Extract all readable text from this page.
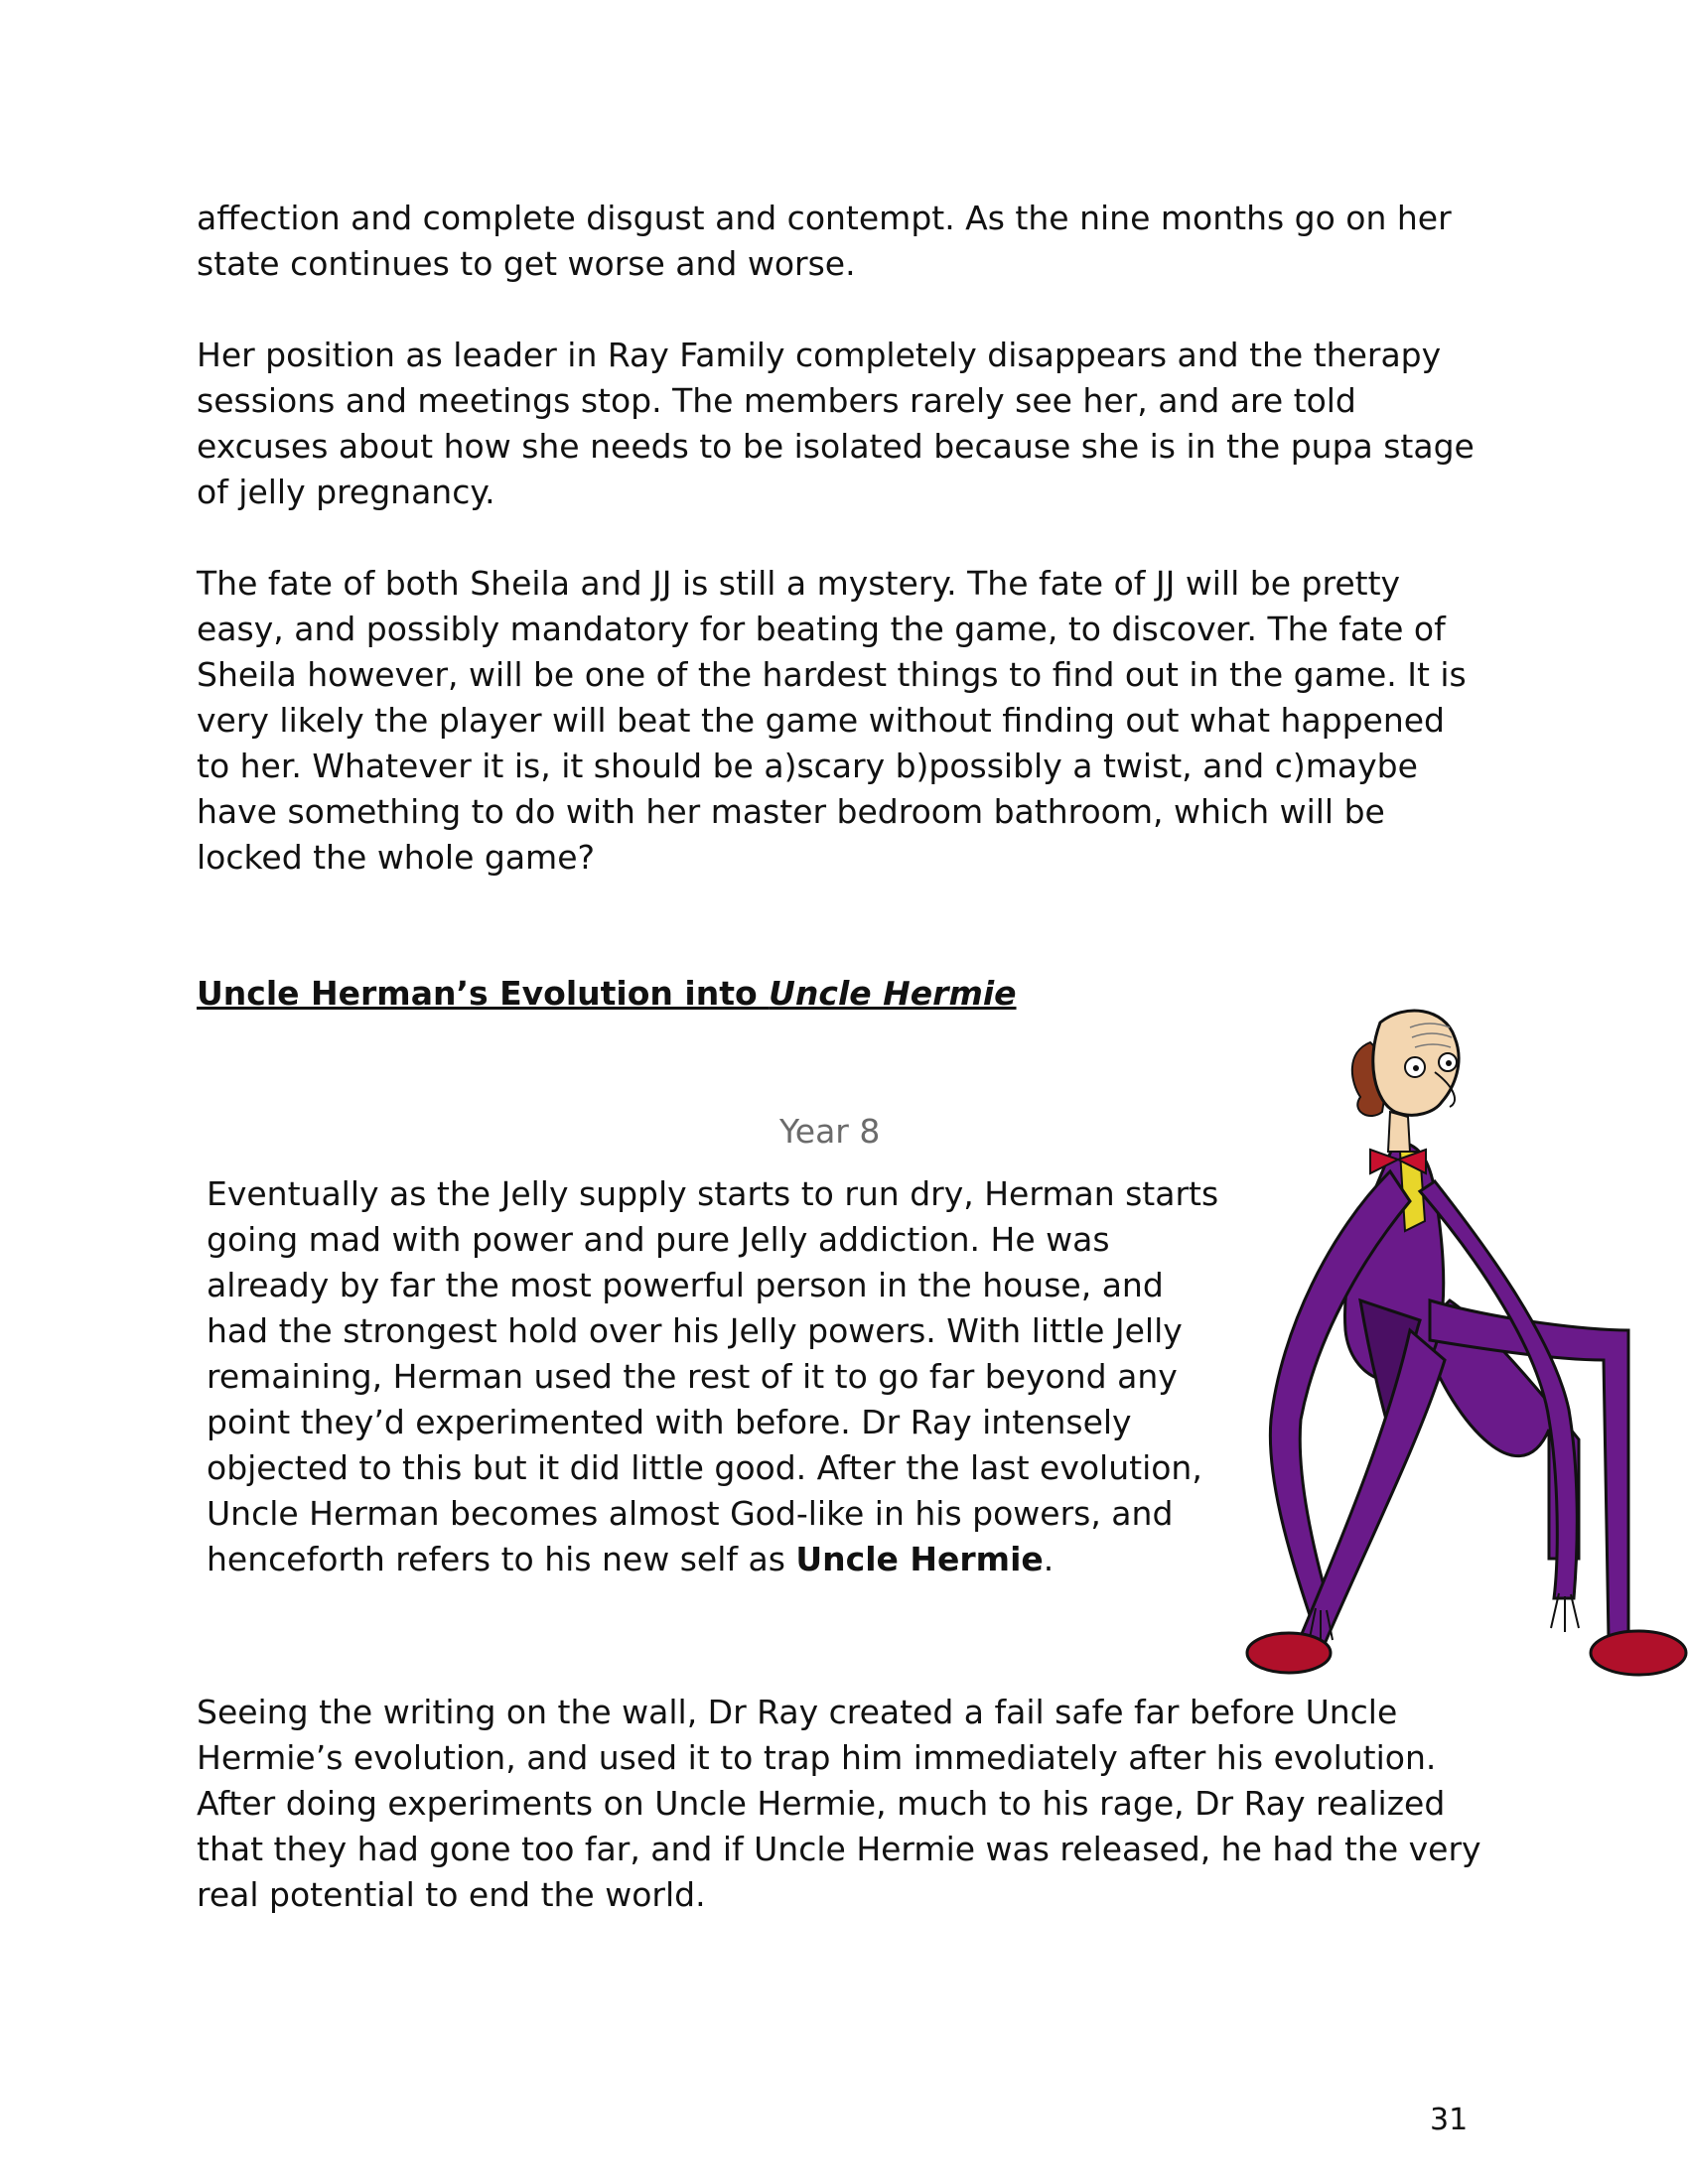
affection and complete disgust and contempt. As the nine months go on her state continues to get worse and worse.

Her position as leader in Ray Family completely disappears and the therapy sessions and meetings stop. The members rarely see her, and are told excuses about how she needs to be isolated because she is in the pupa stage of jelly pregnancy.

The fate of both Sheila and JJ is still a mystery. The fate of JJ will be pretty easy, and possibly mandatory for beating the game, to discover. The fate of Sheila however, will be one of the hardest things to find out in the game. It is very likely the player will beat the game without finding out what happened to her. Whatever it is, it should be a)scary b)possibly a twist, and c)maybe have something to do with her master bedroom bathroom, which will be locked the whole game?

Uncle Herman’s Evolution into Uncle Hermie

Year 8

Eventually as the Jelly supply starts to run dry, Herman starts going mad with power and pure Jelly addiction. He was already by far the most powerful person in the house, and had the strongest hold over his Jelly powers. With little Jelly remaining, Herman used the rest of it to go far beyond any point they’d experimented with before. Dr Ray intensely objected to this but it did little good. After the last evolution, Uncle Herman becomes almost God-like in his powers, and henceforth refers to his new self as Uncle Hermie.

Seeing the writing on the wall, Dr Ray created a fail safe far before Uncle Hermie’s evolution, and used it to trap him immediately after his evolution. After doing experiments on Uncle Hermie, much to his rage, Dr Ray realized that they had gone too far, and if Uncle Hermie was released, he had the very real potential to end the world.

31
